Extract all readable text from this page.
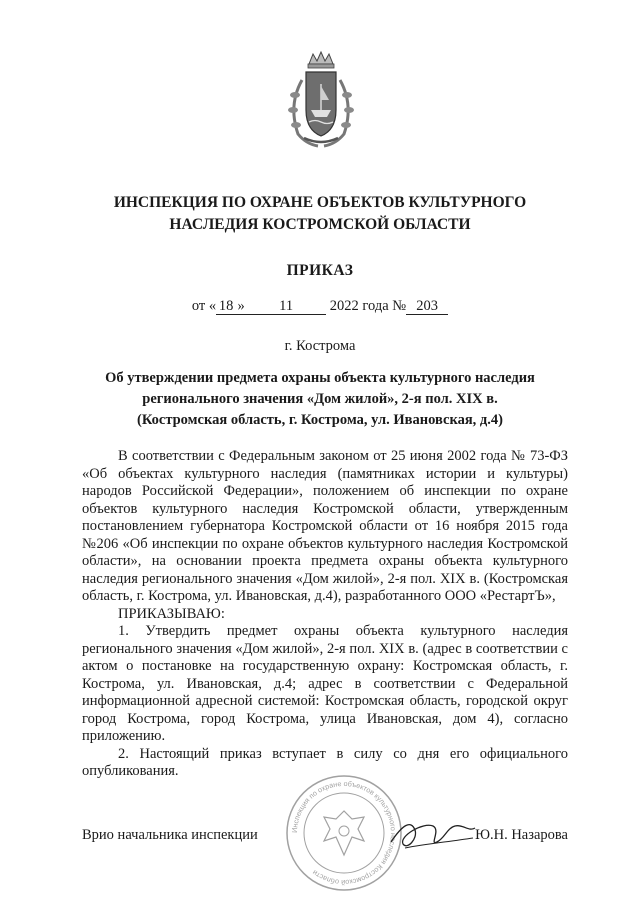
ИНСПЕКЦИЯ ПО ОХРАНЕ ОБЪЕКТОВ КУЛЬТУРНОГО
НАСЛЕДИЯ КОСТРОМСКОЙ ОБЛАСТИ
ПРИКАЗ
от « 18 » 11	2022 года № 203
г. Кострома
Об утверждении предмета охраны объекта культурного наследия
регионального значения «Дом жилой», 2-я пол. XIX в.
(Костромская область, г. Кострома, ул. Ивановская, д.4)

В соответствии с Федеральным законом от 25 июня 2002 года № 73-ФЗ «Об объектах культурного наследия (памятниках истории и культуры) народов Российской Федерации», положением об инспекции по охране объектов культурного наследия Костромской области, утвержденным постановлением губернатора Костромской области от 16 ноября 2015 года №206 «Об инспекции по охране объектов культурного наследия Костромской области», на основании проекта предмета охраны объекта культурного наследия регионального значения «Дом жилой», 2-я пол. XIX в. (Костромская область, г. Кострома, ул. Ивановская, д.4), разработанного ООО «РестартЪ»,

ПРИКАЗЫВАЮ:

1. Утвердить предмет охраны объекта культурного наследия регионального значения «Дом жилой», 2-я пол. XIX в. (адрес в соответствии с актом о постановке на государственную охрану: Костромская область, г. Кострома, ул. Ивановская, д.4; адрес в соответствии с Федеральной информационной адресной системой: Костромская область, городской округ город Кострома, город Кострома, улица Ивановская, дом 4), согласно приложению.

2. Настоящий приказ вступает в силу со дня его официального опубликования.

Инспекция по охране объектов культурного наследия Костромской области
Врио начальника инспекции	Ю.Н. Назарова
